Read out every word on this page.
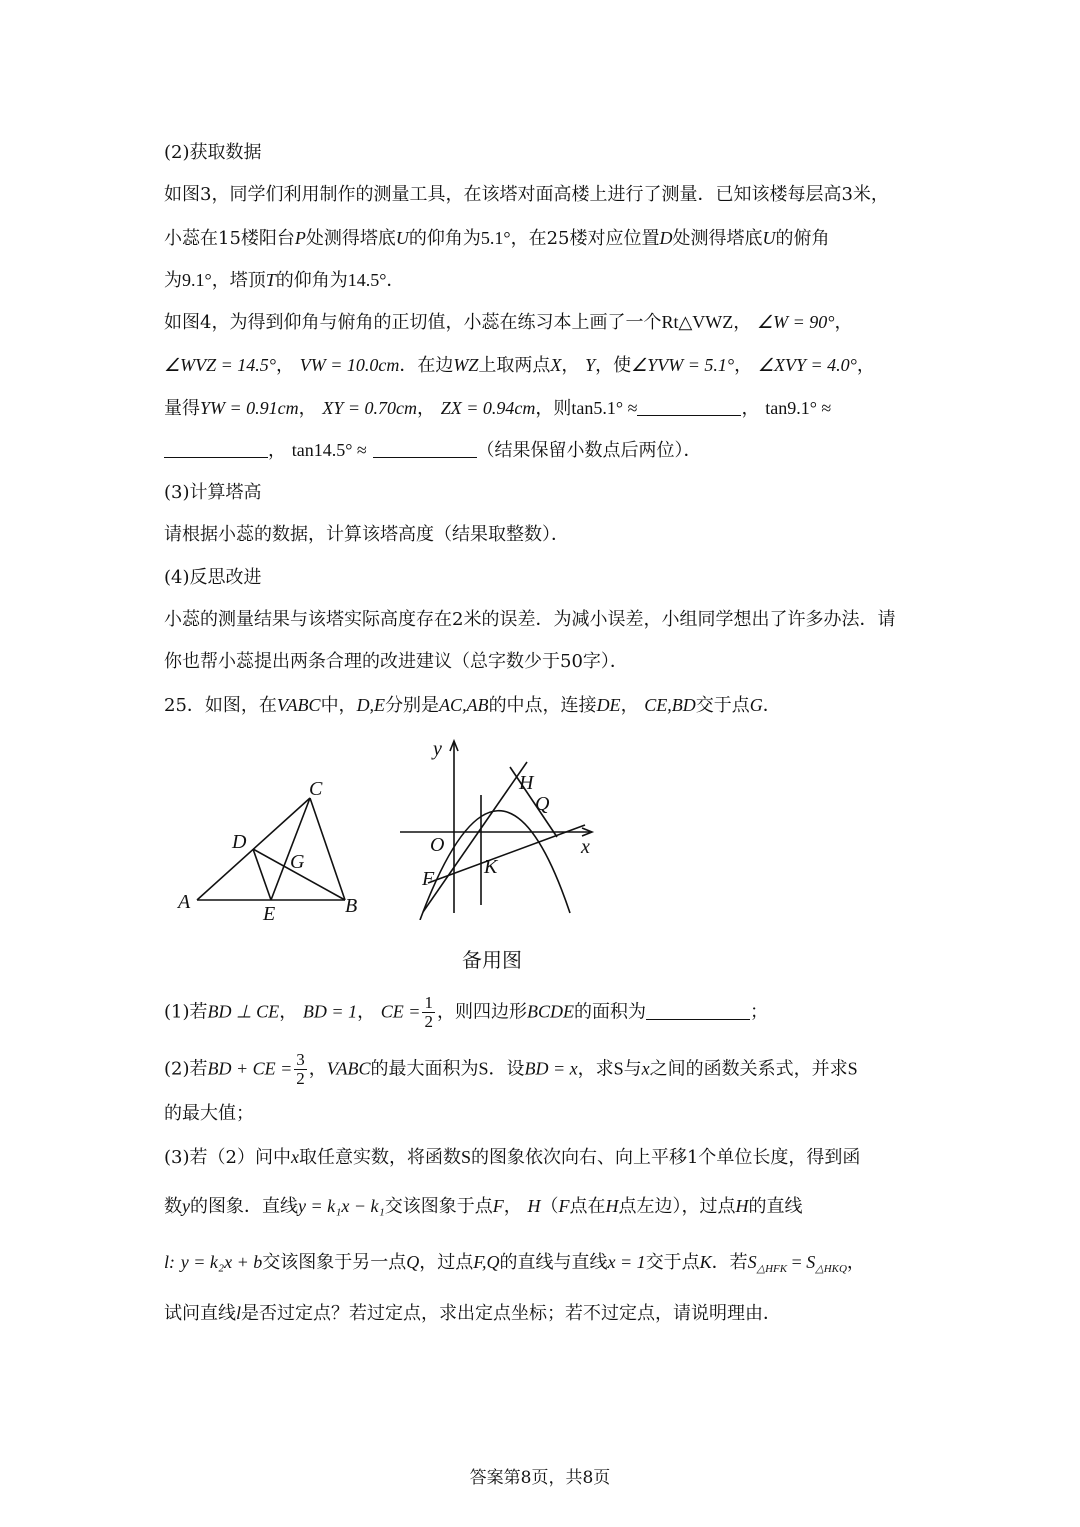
(2)获取数据
如图3，同学们利用制作的测量工具，在该塔对面高楼上进行了测量．已知该楼每层高3米，
小蕊在15楼阳台P处测得塔底U的仰角为5.1°，在25楼对应位置D处测得塔底U的俯角
为9.1°，塔顶T的仰角为14.5°．
如图4，为得到仰角与俯角的正切值，小蕊在练习本上画了一个Rt△VWZ， ∠W = 90°，
∠WVZ = 14.5°， VW = 10.0cm．在边WZ上取两点X， Y，使∠YVW = 5.1°， ∠XVY = 4.0°，
量得YW = 0.91cm， XY = 0.70cm， ZX = 0.94cm，则tan5.1° ≈	， tan9.1° ≈
， tan14.5° ≈	（结果保留小数点后两位）．
(3)计算塔高
请根据小蕊的数据，计算该塔高度（结果取整数）．
(4)反思改进
小蕊的测量结果与该塔实际高度存在2米的误差．为减小误差，小组同学想出了许多办法．请
你也帮小蕊提出两条合理的改进建议（总字数少于50字）．
25．如图，在VABC中，D,E分别是AC,AB的中点，连接DE， CE,BD交于点G．
A	B
C
D
E
G
y
x
O
H
Q
K
F
备用图
(1)若BD ⊥ CE， BD = 1， CE = $\frac{1}{2}$ ，则四边形BCDE的面积为	；
(2)若BD + CE = $\frac{3}{2}$ ，VABC的最大面积为S．设BD = x，求S与x之间的函数关系式，并求S
的最大值；
(3)若（2）问中x取任意实数，将函数S的图象依次向右、向上平移1个单位长度，得到函
数y的图象．直线y = k₁x − k₁交该图象于点F， H（F点在H点左边），过点H的直线
l: y = k₂x + b交该图象于另一点Q，过点F,Q的直线与直线x = 1交于点K．若$S_{\triangle HFK} = S_{\triangle HKQ}$，
试问直线l是否过定点？若过定点，求出定点坐标；若不过定点，请说明理由．
答案第8页，共8页
